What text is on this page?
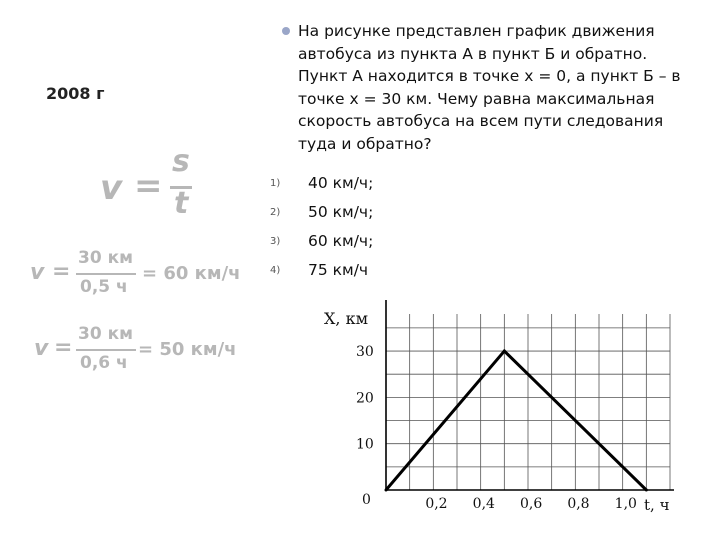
2008 г
v =
s
t
v =
30 км
0,5 ч
= 60 км/ч
v =
30 км
0,6 ч
= 50 км/ч
На рисунке представлен график движения автобуса из пункта А в пункт Б и обратно. Пункт А находится в точке x = 0, а пункт Б – в точке x = 30 км. Чему равна максимальная скорость автобуса на всем пути следования туда и обратно?
1) 40 км/ч;
2) 50 км/ч;
3) 60 км/ч;
4) 75 км/ч
X, км
t, ч
0	0,2 0,4 0,6 0,8 1,0
10
20
30
